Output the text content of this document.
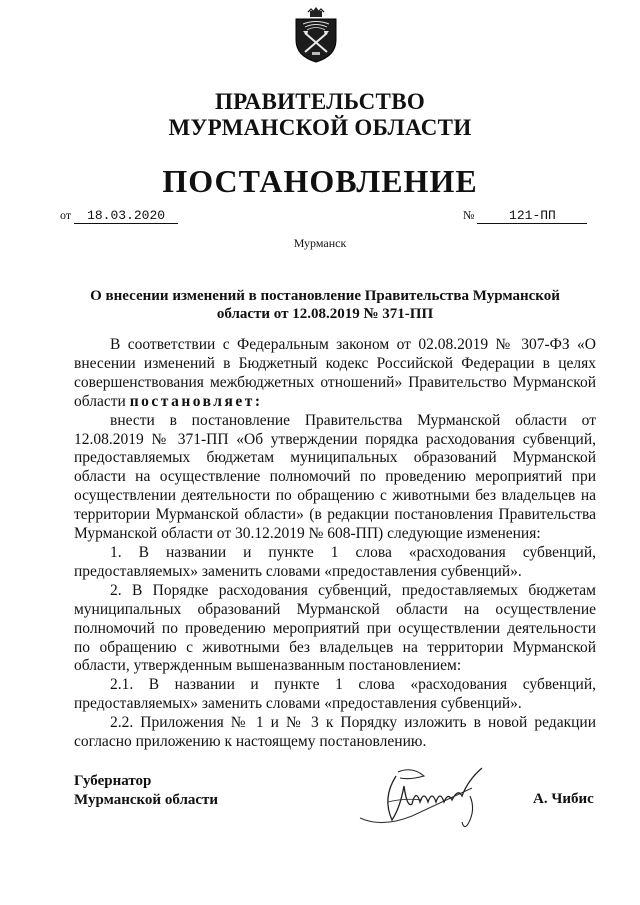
ПРАВИТЕЛЬСТВО
МУРМАНСКОЙ ОБЛАСТИ
ПОСТАНОВЛЕНИЕ
от 18.03.2020	№	121-ПП
Мурманск
О внесении изменений в постановление Правительства Мурманской
области от 12.08.2019 № 371-ПП

В соответствии с Федеральным законом от 02.08.2019 № 307-ФЗ «О внесении изменений в Бюджетный кодекс Российской Федерации в целях совершенствования межбюджетных отношений» Правительство Мурманской области постановляет:

внести в постановление Правительства Мурманской области от 12.08.2019 № 371-ПП «Об утверждении порядка расходования субвенций, предоставляемых бюджетам муниципальных образований Мурманской области на осуществление полномочий по проведению мероприятий при осуществлении деятельности по обращению с животными без владельцев на территории Мурманской области» (в редакции постановления Правительства Мурманской области от 30.12.2019 № 608-ПП) следующие изменения:

1. В названии и пункте 1 слова «расходования субвенций, предоставляемых» заменить словами «предоставления субвенций».

2. В Порядке расходования субвенций, предоставляемых бюджетам муниципальных образований Мурманской области на осуществление полномочий по проведению мероприятий при осуществлении деятельности по обращению с животными без владельцев на территории Мурманской области, утвержденным вышеназванным постановлением:

2.1. В названии и пункте 1 слова «расходования субвенций, предоставляемых» заменить словами «предоставления субвенций».

2.2. Приложения № 1 и № 3 к Порядку изложить в новой редакции согласно приложению к настоящему постановлению.

Губернатор
Мурманской области	А. Чибис
